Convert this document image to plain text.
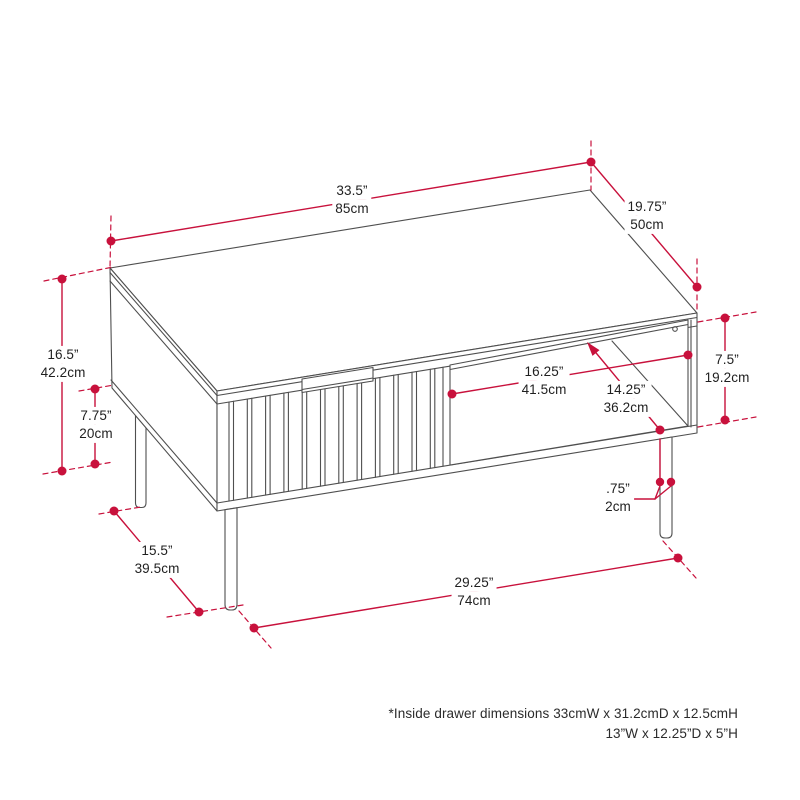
33.5”
85cm	19.75”
50cm
16.5”
42.2cm
7.75”
20cm
16.25”
41.5cm	14.25”
36.2cm
7.5”
19.2cm
.75”
2cm
15.5”
39.5cm
29.25”
74cm
*Inside drawer dimensions 33cmW x 31.2cmD x 12.5cmH
13”W x 12.25”D x 5”H
